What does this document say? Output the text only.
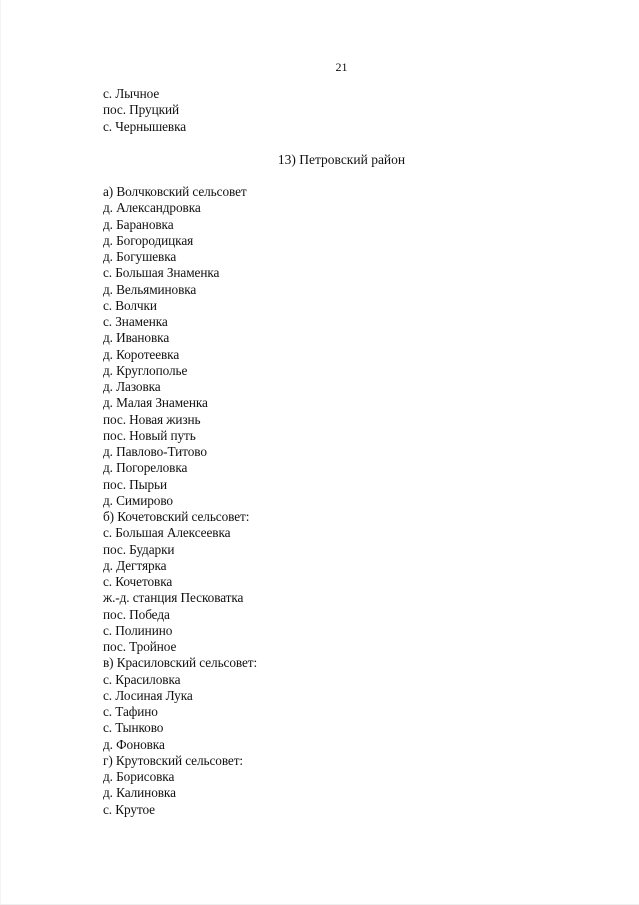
21
с. Лычное
пос. Пруцкий
с. Чернышевка
13) Петровский район
а) Волчковский сельсовет
д. Александровка
д. Барановка
д. Богородицкая
д. Богушевка
с. Большая Знаменка
д. Вельяминовка
с. Волчки
с. Знаменка
д. Ивановка
д. Коротеевка
д. Круглополье
д. Лазовка
д. Малая Знаменка
пос. Новая жизнь
пос. Новый путь
д. Павлово-Титово
д. Погореловка
пос. Пырьи
д. Симирово
б) Кочетовский сельсовет:
с. Большая Алексеевка
пос. Бударки
д. Дегтярка
с. Кочетовка
ж.-д. станция Песковатка
пос. Победа
с. Полинино
пос. Тройное
в) Красиловский сельсовет:
с. Красиловка
с. Лосиная Лука
с. Тафино
с. Тынково
д. Фоновка
г) Крутовский сельсовет:
д. Борисовка
д. Калиновка
с. Крутое
